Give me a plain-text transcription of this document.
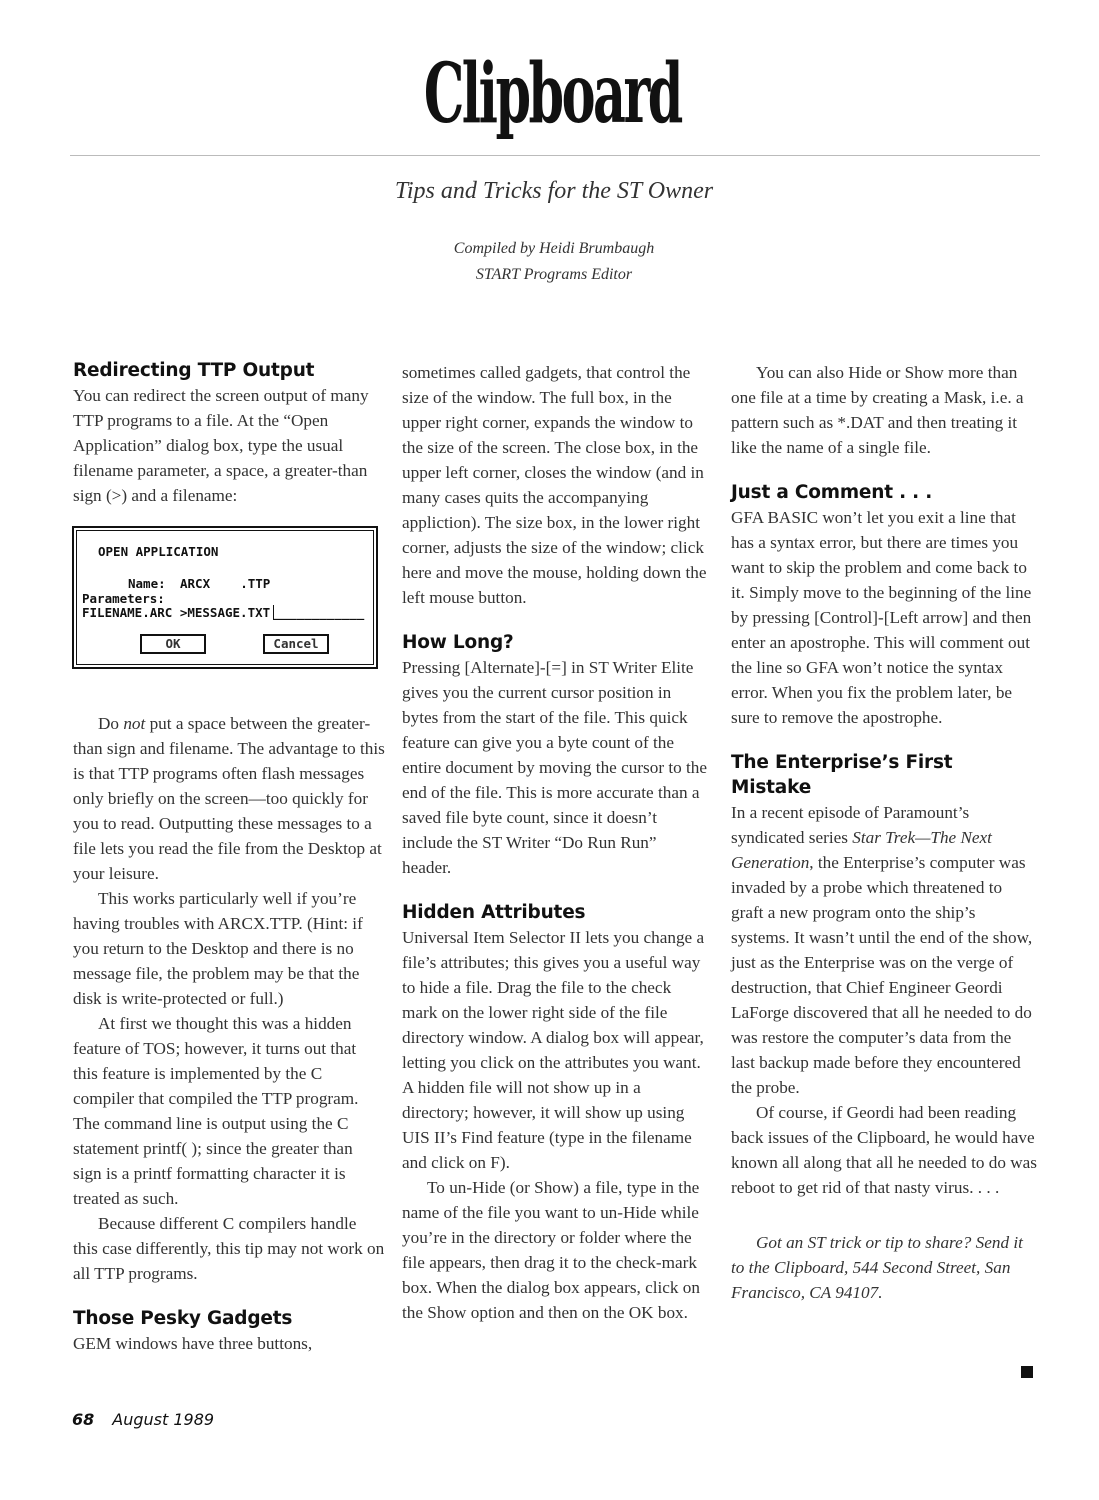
Clipboard
Tips and Tricks for the ST Owner
Compiled by Heidi Brumbaugh
START Programs Editor
Redirecting TTP Output

You can redirect the screen output of many TTP programs to a file. At the “Open Application” dialog box, type the usual filename parameter, a space, a greater-than sign (>) and a filename:

OPEN APPLICATION
Name: ARCX    .TTP
Parameters:
FILENAME.ARC >MESSAGE.TXT ____________
OK	Cancel

Do not put a space between the greater-than sign and filename. The advantage to this is that TTP programs often flash messages only briefly on the screen—too quickly for you to read. Outputting these messages to a file lets you read the file from the Desktop at your leisure.

This works particularly well if you’re having troubles with ARCX.TTP. (Hint: if you return to the Desktop and there is no message file, the problem may be that the disk is write-protected or full.)

At first we thought this was a hidden feature of TOS; however, it turns out that this feature is implemented by the C compiler that compiled the TTP program. The command line is output using the C statement printf( ); since the greater than sign is a printf formatting character it is treated as such.

Because different C compilers handle this case differently, this tip may not work on all TTP programs.

Those Pesky Gadgets

GEM windows have three buttons,

sometimes called gadgets, that control the size of the window. The full box, in the upper right corner, expands the window to the size of the screen. The close box, in the upper left corner, closes the window (and in many cases quits the accompanying appliction). The size box, in the lower right corner, adjusts the size of the window; click here and move the mouse, holding down the left mouse button.

How Long?

Pressing [Alternate]-[=] in ST Writer Elite gives you the current cursor position in bytes from the start of the file. This quick feature can give you a byte count of the entire document by moving the cursor to the end of the file. This is more accurate than a saved file byte count, since it doesn’t include the ST Writer “Do Run Run” header.

Hidden Attributes

Universal Item Selector II lets you change a file’s attributes; this gives you a useful way to hide a file. Drag the file to the check mark on the lower right side of the file directory window. A dialog box will appear, letting you click on the attributes you want. A hidden file will not show up in a directory; however, it will show up using UIS II’s Find feature (type in the filename and click on F).

To un-Hide (or Show) a file, type in the name of the file you want to un-Hide while you’re in the directory or folder where the file appears, then drag it to the check-mark box. When the dialog box appears, click on the Show option and then on the OK box.

You can also Hide or Show more than one file at a time by creating a Mask, i.e. a pattern such as *.DAT and then treating it like the name of a single file.

Just a Comment . . .

GFA BASIC won’t let you exit a line that has a syntax error, but there are times you want to skip the problem and come back to it. Simply move to the beginning of the line by pressing [Control]-[Left arrow] and then enter an apostrophe. This will comment out the line so GFA won’t notice the syntax error. When you fix the problem later, be sure to remove the apostrophe.

The Enterprise’s First Mistake

In a recent episode of Paramount’s syndicated series Star Trek—The Next Generation, the Enterprise’s computer was invaded by a probe which threatened to graft a new program onto the ship’s systems. It wasn’t until the end of the show, just as the Enterprise was on the verge of destruction, that Chief Engineer Geordi LaForge discovered that all he needed to do was restore the computer’s data from the last backup made before they encountered the probe.

Of course, if Geordi had been reading back issues of the Clipboard, he would have known all along that all he needed to do was reboot to get rid of that nasty virus. . . .

Got an ST trick or tip to share? Send it to the Clipboard, 544 Second Street, San Francisco, CA 94107.

68 August 1989
